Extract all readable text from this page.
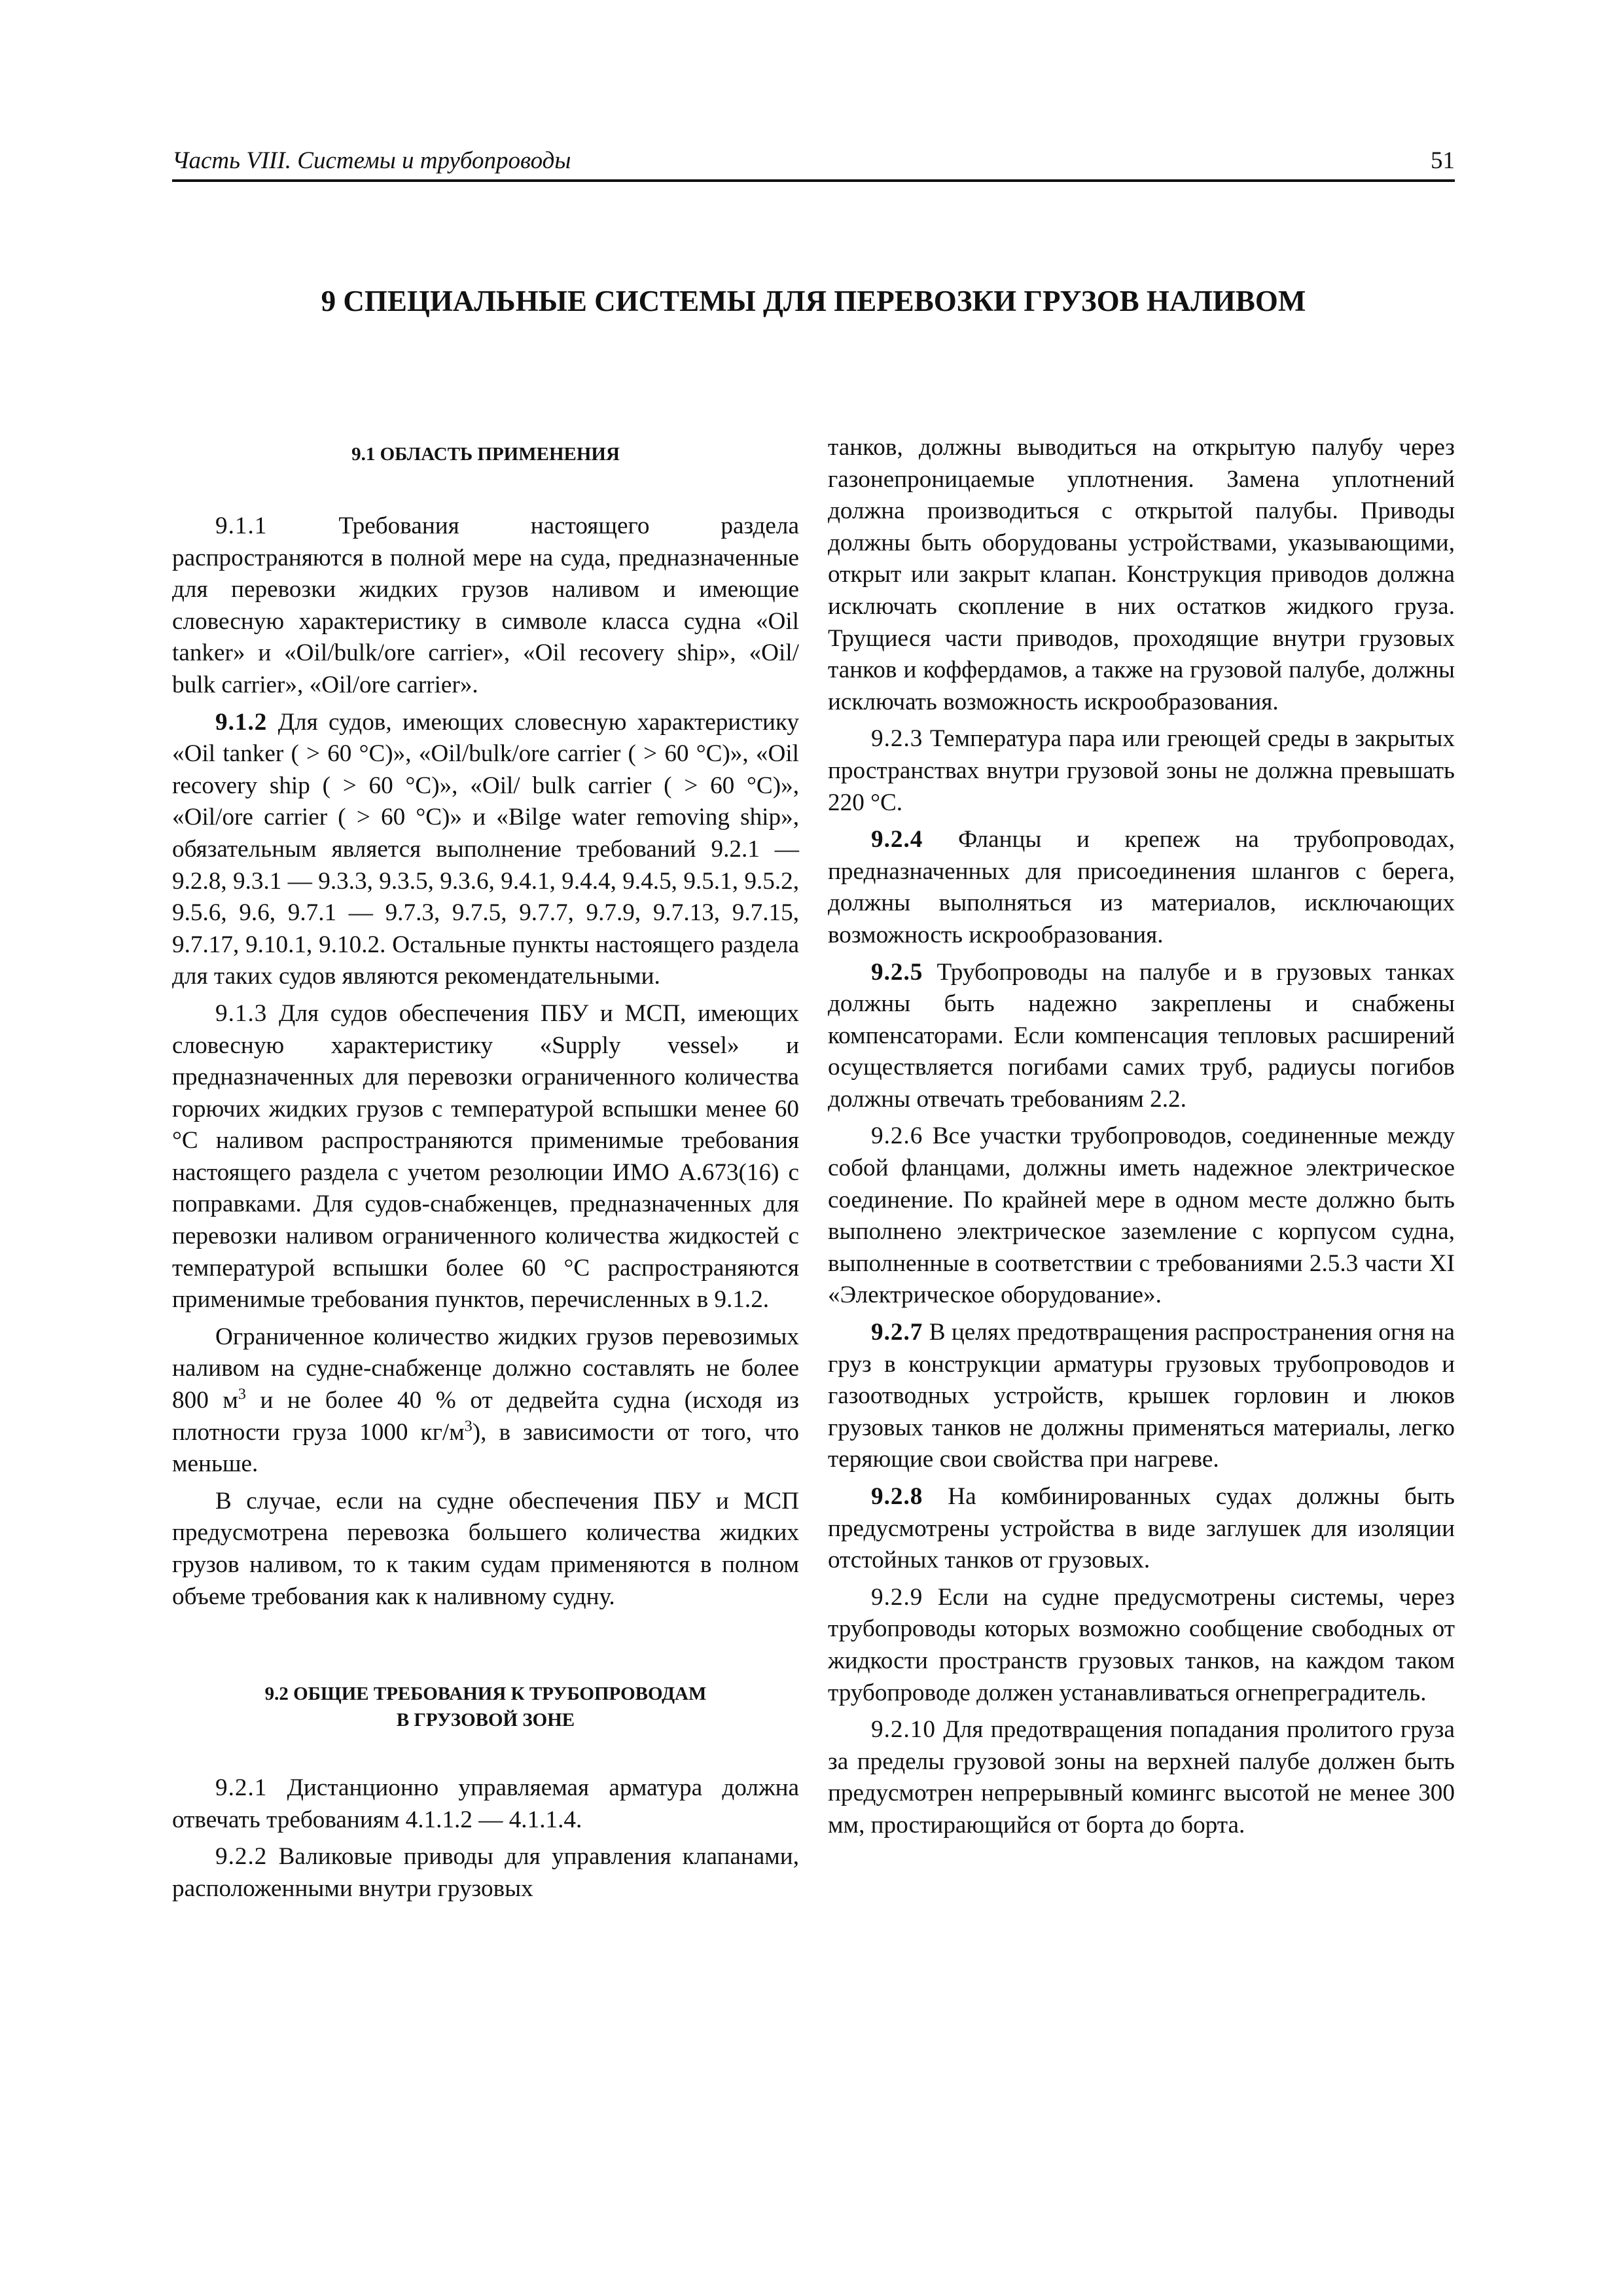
Часть VIII. Системы и трубопроводы	51
9 СПЕЦИАЛЬНЫЕ СИСТЕМЫ ДЛЯ ПЕРЕВОЗКИ ГРУЗОВ НАЛИВОМ
9.1 ОБЛАСТЬ ПРИМЕНЕНИЯ

9.1.1	Требования настоящего раздела распространяются в полной мере на суда, предназначенные для перевозки жидких грузов наливом и имеющие словесную характеристику в символе класса судна «Oil tanker» и «Oil/bulk/ore carrier», «Oil recovery ship», «Oil/ bulk carrier», «Oil/ore carrier».

9.1.2 Для судов, имеющих словесную характеристику «Oil tanker ( > 60 °C)», «Oil/bulk/ore carrier ( > 60 °C)», «Oil recovery ship ( > 60 °C)», «Oil/ bulk carrier ( > 60 °C)», «Oil/ore carrier ( > 60 °C)» и «Bilge water removing ship», обязательным является выполнение требований 9.2.1 — 9.2.8, 9.3.1 — 9.3.3, 9.3.5, 9.3.6, 9.4.1, 9.4.4, 9.4.5, 9.5.1, 9.5.2, 9.5.6, 9.6, 9.7.1 — 9.7.3, 9.7.5, 9.7.7, 9.7.9, 9.7.13, 9.7.15, 9.7.17, 9.10.1, 9.10.2. Остальные пункты настоящего раздела для таких судов являются рекомендательными.

9.1.3 Для судов обеспечения ПБУ и МСП, имеющих словесную характеристику «Supply vessel» и предназначенных для перевозки ограниченного количества горючих жидких грузов с температурой вспышки менее 60 °C наливом распространяются применимые требования настоящего раздела с учетом резолюции ИМО А.673(16) с поправками. Для судов-снабженцев, предназначенных для перевозки наливом ограниченного количества жидкостей с температурой вспышки более 60 °C распространяются применимые требования пунктов, перечисленных в 9.1.2.

Ограниченное количество жидких грузов перевозимых наливом на судне-снабженце должно составлять не более 800 $м^3$ и не более 40 % от дедвейта судна (исходя из плотности груза 1000 $кг/м^3$), в зависимости от того, что меньше.

В случае, если на судне обеспечения ПБУ и МСП предусмотрена перевозка большего количества жидких грузов наливом, то к таким судам применяются в полном объеме требования как к наливному судну.

9.2 ОБЩИЕ ТРЕБОВАНИЯ К ТРУБОПРОВОДАМ
В ГРУЗОВОЙ ЗОНЕ

9.2.1 Дистанционно управляемая арматура должна отвечать требованиям 4.1.1.2 — 4.1.1.4.

9.2.2 Валиковые приводы для управления клапанами, расположенными внутри грузовых

танков, должны выводиться на открытую палубу через газонепроницаемые уплотнения. Замена уплотнений должна производиться с открытой палубы. Приводы должны быть оборудованы устройствами, указывающими, открыт или закрыт клапан. Конструкция приводов должна исключать скопление в них остатков жидкого груза. Трущиеся части приводов, проходящие внутри грузовых танков и коффердамов, а также на грузовой палубе, должны исключать возможность искрообразования.

9.2.3 Температура пара или греющей среды в закрытых пространствах внутри грузовой зоны не должна превышать 220 °C.

9.2.4 Фланцы и крепеж на трубопроводах, предназначенных для присоединения шлангов с берега, должны выполняться из материалов, исключающих возможность искрообразования.

9.2.5 Трубопроводы на палубе и в грузовых танках должны быть надежно закреплены и снабжены компенсаторами. Если компенсация тепловых расширений осуществляется погибами самих труб, радиусы погибов должны отвечать требованиям 2.2.

9.2.6 Все участки трубопроводов, соединенные между собой фланцами, должны иметь надежное электрическое соединение. По крайней мере в одном месте должно быть выполнено электрическое заземление с корпусом судна, выполненные в соответствии с требованиями 2.5.3 части XI «Электрическое оборудование».

9.2.7 В целях предотвращения распространения огня на груз в конструкции арматуры грузовых трубопроводов и газоотводных устройств, крышек горловин и люков грузовых танков не должны применяться материалы, легко теряющие свои свойства при нагреве.

9.2.8 На комбинированных судах должны быть предусмотрены устройства в виде заглушек для изоляции отстойных танков от грузовых.

9.2.9 Если на судне предусмотрены системы, через трубопроводы которых возможно сообщение свободных от жидкости пространств грузовых танков, на каждом таком трубопроводе должен устанавливаться огнепреградитель.

9.2.10 Для предотвращения попадания пролитого груза за пределы грузовой зоны на верхней палубе должен быть предусмотрен непрерывный комингс высотой не менее 300 мм, простирающийся от борта до борта.
